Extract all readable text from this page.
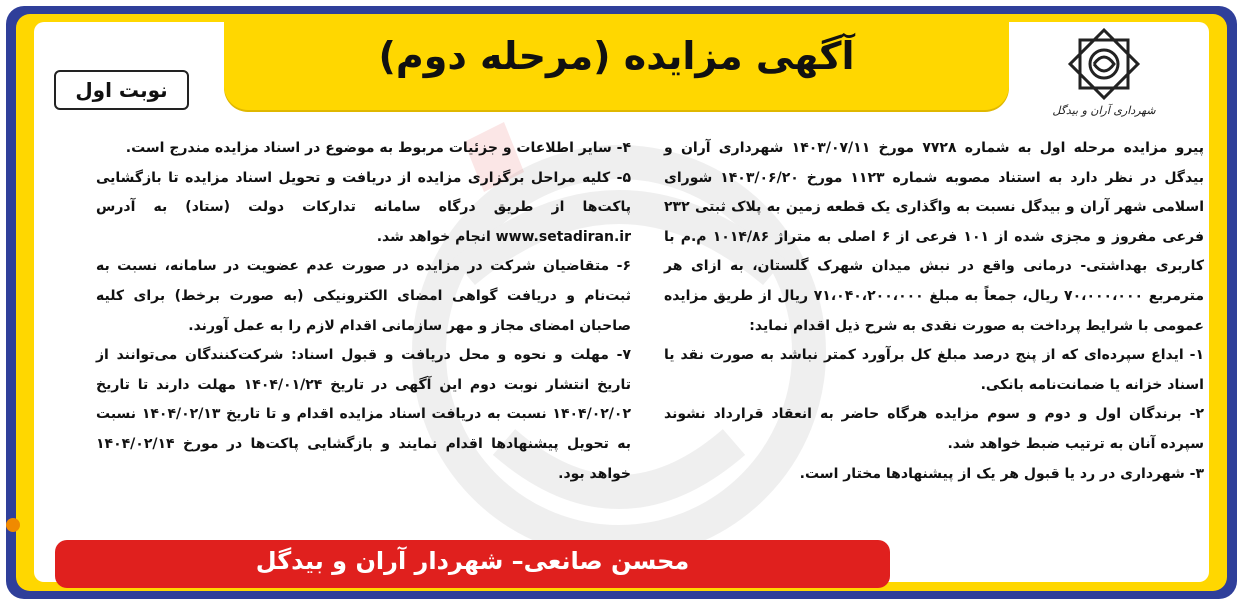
آگهی مزایده (مرحله دوم)
شهرداری آران و بیدگل
نوبت اول

پیرو مزایده مرحله اول به شماره ۷۷۲۸ مورخ ۱۴۰۳/۰۷/۱۱ شهرداری آران و بیدگل در نظر دارد به استناد مصوبه شماره ۱۱۲۳ مورخ ۱۴۰۳/۰۶/۲۰ شورای اسلامی شهر آران و بیدگل نسبت به واگذاری یک قطعه زمین به پلاک ثبتی ۲۳۲ فرعی مفروز و مجزی شده از ۱۰۱ فرعی از ۶ اصلی به متراژ ۱۰۱۴/۸۶ م.م با کاربری بهداشتی- درمانی واقع در نبش میدان شهرک گلستان، به ازای هر مترمربع ۷۰،۰۰۰،۰۰۰ ریال، جمعاً به مبلغ ۷۱،۰۴۰،۲۰۰،۰۰۰ ریال از طریق مزایده عمومی با شرایط پرداخت به صورت نقدی به شرح ذیل اقدام نماید:

۱- ایداع سپرده‌ای که از پنج درصد مبلغ کل برآورد کمتر نباشد به صورت نقد یا اسناد خزانه یا ضمانت‌نامه بانکی.

۲- برندگان اول و دوم و سوم مزایده هرگاه حاضر به انعقاد قرارداد نشوند سپرده آنان به ترتیب ضبط خواهد شد.

۳- شهرداری در رد یا قبول هر یک از پیشنهادها مختار است.

۴- سایر اطلاعات و جزئیات مربوط به موضوع در اسناد مزایده مندرج است.

۵- کلیه مراحل برگزاری مزایده از دریافت و تحویل اسناد مزایده تا بازگشایی پاکت‌ها از طریق درگاه سامانه تدارکات دولت (ستاد) به آدرس www.setadiran.ir انجام خواهد شد.

۶- متقاضیان شرکت در مزایده در صورت عدم عضویت در سامانه، نسبت به ثبت‌نام و دریافت گواهی امضای الکترونیکی (به صورت برخط) برای کلیه صاحبان امضای مجاز و مهر سازمانی اقدام لازم را به عمل آورند.

۷- مهلت و نحوه و محل دریافت و قبول اسناد: شرکت‌کنندگان می‌توانند از تاریخ انتشار نوبت دوم این آگهی در تاریخ ۱۴۰۴/۰۱/۲۴ مهلت دارند تا تاریخ ۱۴۰۴/۰۲/۰۲ نسبت به دریافت اسناد مزایده اقدام و تا تاریخ ۱۴۰۴/۰۲/۱۳ نسبت به تحویل پیشنهادها اقدام نمایند و بازگشایی پاکت‌ها در مورخ ۱۴۰۴/۰۲/۱۴ خواهد بود.

محسن صانعی– شهردار آران و بیدگل
